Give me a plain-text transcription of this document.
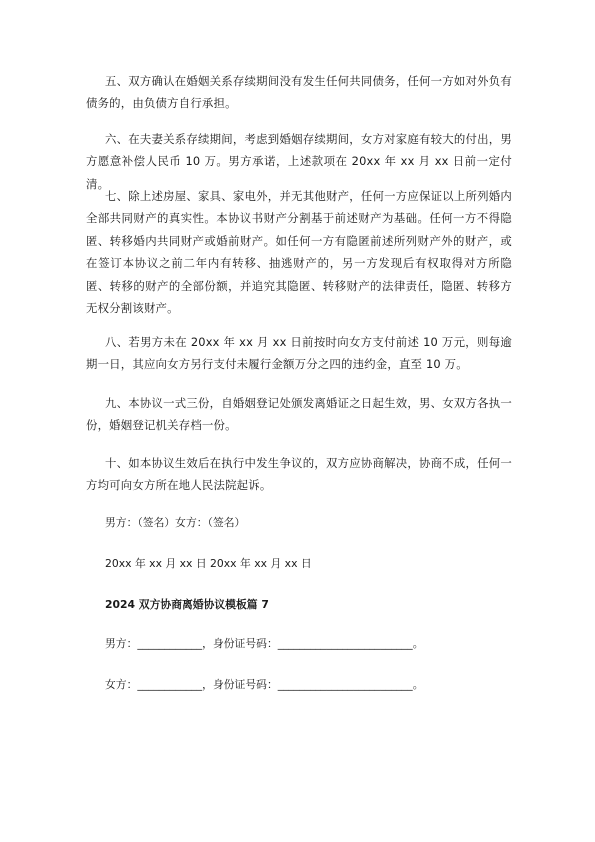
五、双方确认在婚姻关系存续期间没有发生任何共同债务，任何一方如对外负有债务的，由负债方自行承担。

六、在夫妻关系存续期间，考虑到婚姻存续期间，女方对家庭有较大的付出，男方愿意补偿人民币 10 万。男方承诺，上述款项在 20xx 年 xx 月 xx 日前一定付清。

七、除上述房屋、家具、家电外，并无其他财产，任何一方应保证以上所列婚内全部共同财产的真实性。本协议书财产分割基于前述财产为基础。任何一方不得隐匿、转移婚内共同财产或婚前财产。如任何一方有隐匿前述所列财产外的财产，或在签订本协议之前二年内有转移、抽逃财产的，另一方发现后有权取得对方所隐匿、转移的财产的全部份额，并追究其隐匿、转移财产的法律责任，隐匿、转移方无权分割该财产。

八、若男方未在 20xx 年 xx 月 xx 日前按时向女方支付前述 10 万元，则每逾期一日，其应向女方另行支付未履行金额万分之四的违约金，直至 10 万。

九、本协议一式三份，自婚姻登记处颁发离婚证之日起生效，男、女双方各执一份，婚姻登记机关存档一份。

十、如本协议生效后在执行中发生争议的，双方应协商解决，协商不成，任何一方均可向女方所在地人民法院起诉。

男方：（签名）女方：（签名）

20xx 年 xx 月 xx 日 20xx 年 xx 月 xx 日

2024 双方协商离婚协议模板篇 7

男方：____________，身份证号码：_________________________。

女方：____________，身份证号码：_________________________。
